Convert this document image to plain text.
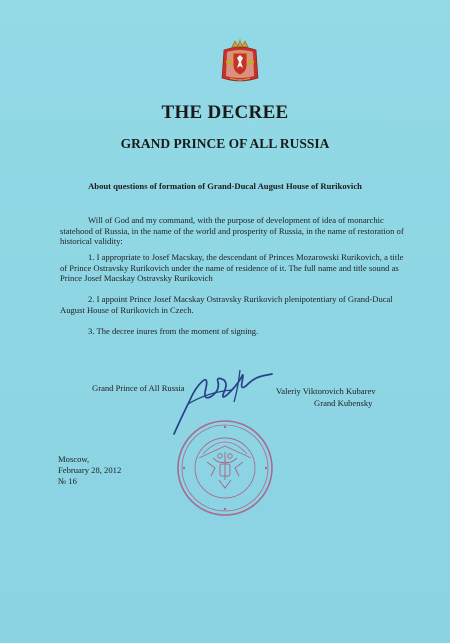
THE DECREE
GRAND PRINCE OF ALL RUSSIA

About questions of formation of Grand-Ducal August House of Rurikovich

Will of God and my command, with the purpose of development of idea of monarchic statehood of Russia, in the name of the world and prosperity of Russia, in the name of restoration of historical validity:

1. I appropriate to Josef Macskay, the descendant of Princes Mozarowski Rurikovich, a title of Prince Ostravsky Rurikovich under the name of residence of it. The full name and title sound as Prince Josef Macskay Ostravsky Rurikovich

2. I appoint Prince Josef Macskay Ostravsky Rurikovich plenipotentiary of Grand-Ducal August House of Rurikovich in Czech.

3. The decree inures from the moment of signing.

Grand Prince of All Russia	Valeriy Viktorovich Kubarev
Grand Kubensky
Moscow,
February 28, 2012
№ 16
